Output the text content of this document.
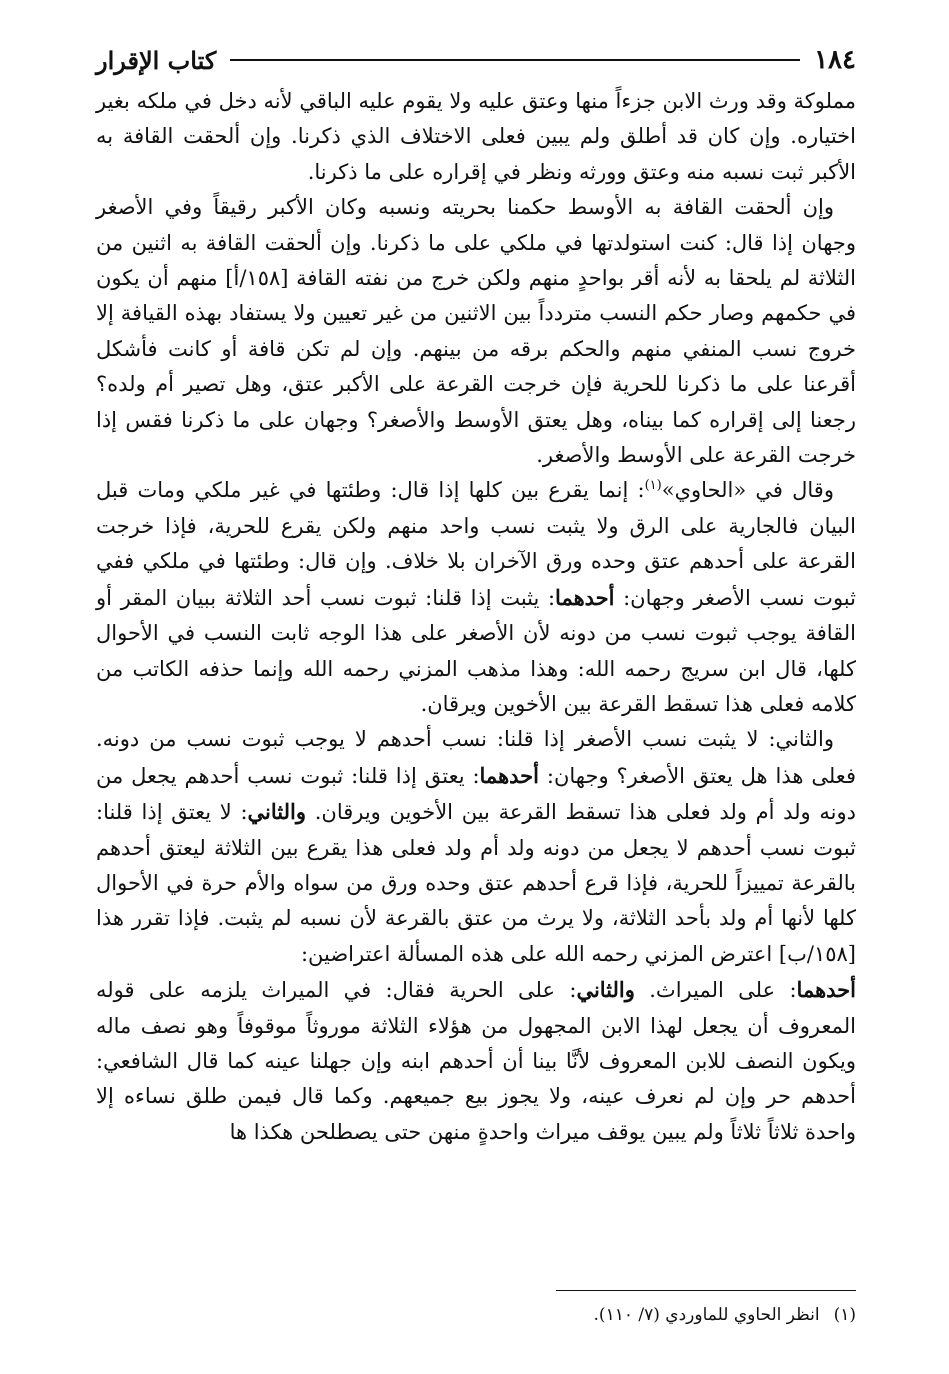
١٨٤
كتاب الإقرار

مملوكة وقد ورث الابن جزءاً منها وعتق عليه ولا يقوم عليه الباقي لأنه دخل في ملكه بغير اختياره. وإن كان قد أطلق ولم يبين فعلى الاختلاف الذي ذكرنا. وإن ألحقت القافة به الأكبر ثبت نسبه منه وعتق وورثه ونظر في إقراره على ما ذكرنا.

وإن ألحقت القافة به الأوسط حكمنا بحريته ونسبه وكان الأكبر رقيقاً وفي الأصغر وجهان إذا قال: كنت استولدتها في ملكي على ما ذكرنا. وإن ألحقت القافة به اثنين من الثلاثة لم يلحقا به لأنه أقر بواحدٍ منهم ولكن خرج من نفته القافة [١٥٨/أ] منهم أن يكون في حكمهم وصار حكم النسب متردداً بين الاثنين من غير تعيين ولا يستفاد بهذه القيافة إلا خروج نسب المنفي منهم والحكم برقه من بينهم. وإن لم تكن قافة أو كانت فأشكل أقرعنا على ما ذكرنا للحرية فإن خرجت القرعة على الأكبر عتق، وهل تصير أم ولده؟ رجعنا إلى إقراره كما بيناه، وهل يعتق الأوسط والأصغر؟ وجهان على ما ذكرنا فقس إذا خرجت القرعة على الأوسط والأصغر.

وقال في «الحاوي»$^{(١)}$: إنما يقرع بين كلها إذا قال: وطئتها في غير ملكي ومات قبل البيان فالجارية على الرق ولا يثبت نسب واحد منهم ولكن يقرع للحرية، فإذا خرجت القرعة على أحدهم عتق وحده ورق الآخران بلا خلاف. وإن قال: وطئتها في ملكي ففي ثبوت نسب الأصغر وجهان: أحدهما: يثبت إذا قلنا: ثبوت نسب أحد الثلاثة ببيان المقر أو القافة يوجب ثبوت نسب من دونه لأن الأصغر على هذا الوجه ثابت النسب في الأحوال كلها، قال ابن سريج رحمه الله: وهذا مذهب المزني رحمه الله وإنما حذفه الكاتب من كلامه فعلى هذا تسقط القرعة بين الأخوين ويرقان.

والثاني: لا يثبت نسب الأصغر إذا قلنا: نسب أحدهم لا يوجب ثبوت نسب من دونه. فعلى هذا هل يعتق الأصغر؟ وجهان: أحدهما: يعتق إذا قلنا: ثبوت نسب أحدهم يجعل من دونه ولد أم ولد فعلى هذا تسقط القرعة بين الأخوين ويرقان. والثاني: لا يعتق إذا قلنا: ثبوت نسب أحدهم لا يجعل من دونه ولد أم ولد فعلى هذا يقرع بين الثلاثة ليعتق أحدهم بالقرعة تمييزاً للحرية، فإذا قرع أحدهم عتق وحده ورق من سواه والأم حرة في الأحوال كلها لأنها أم ولد بأحد الثلاثة، ولا يرث من عتق بالقرعة لأن نسبه لم يثبت. فإذا تقرر هذا [١٥٨/ب] اعترض المزني رحمه الله على هذه المسألة اعتراضين:

أحدهما: على الميراث. والثاني: على الحرية فقال: في الميراث يلزمه على قوله المعروف أن يجعل لهذا الابن المجهول من هؤلاء الثلاثة موروثاً موقوفاً وهو نصف ماله ويكون النصف للابن المعروف لأنَّا بينا أن أحدهم ابنه وإن جهلنا عينه كما قال الشافعي: أحدهم حر وإن لم نعرف عينه، ولا يجوز بيع جميعهم. وكما قال فيمن طلق نساءه إلا واحدة ثلاثاً ثلاثاً ولم يبين يوقف ميراث واحدةٍ منهن حتى يصطلحن هكذا ها

(١)انظر الحاوي للماوردي (٧/ ١١٠).
